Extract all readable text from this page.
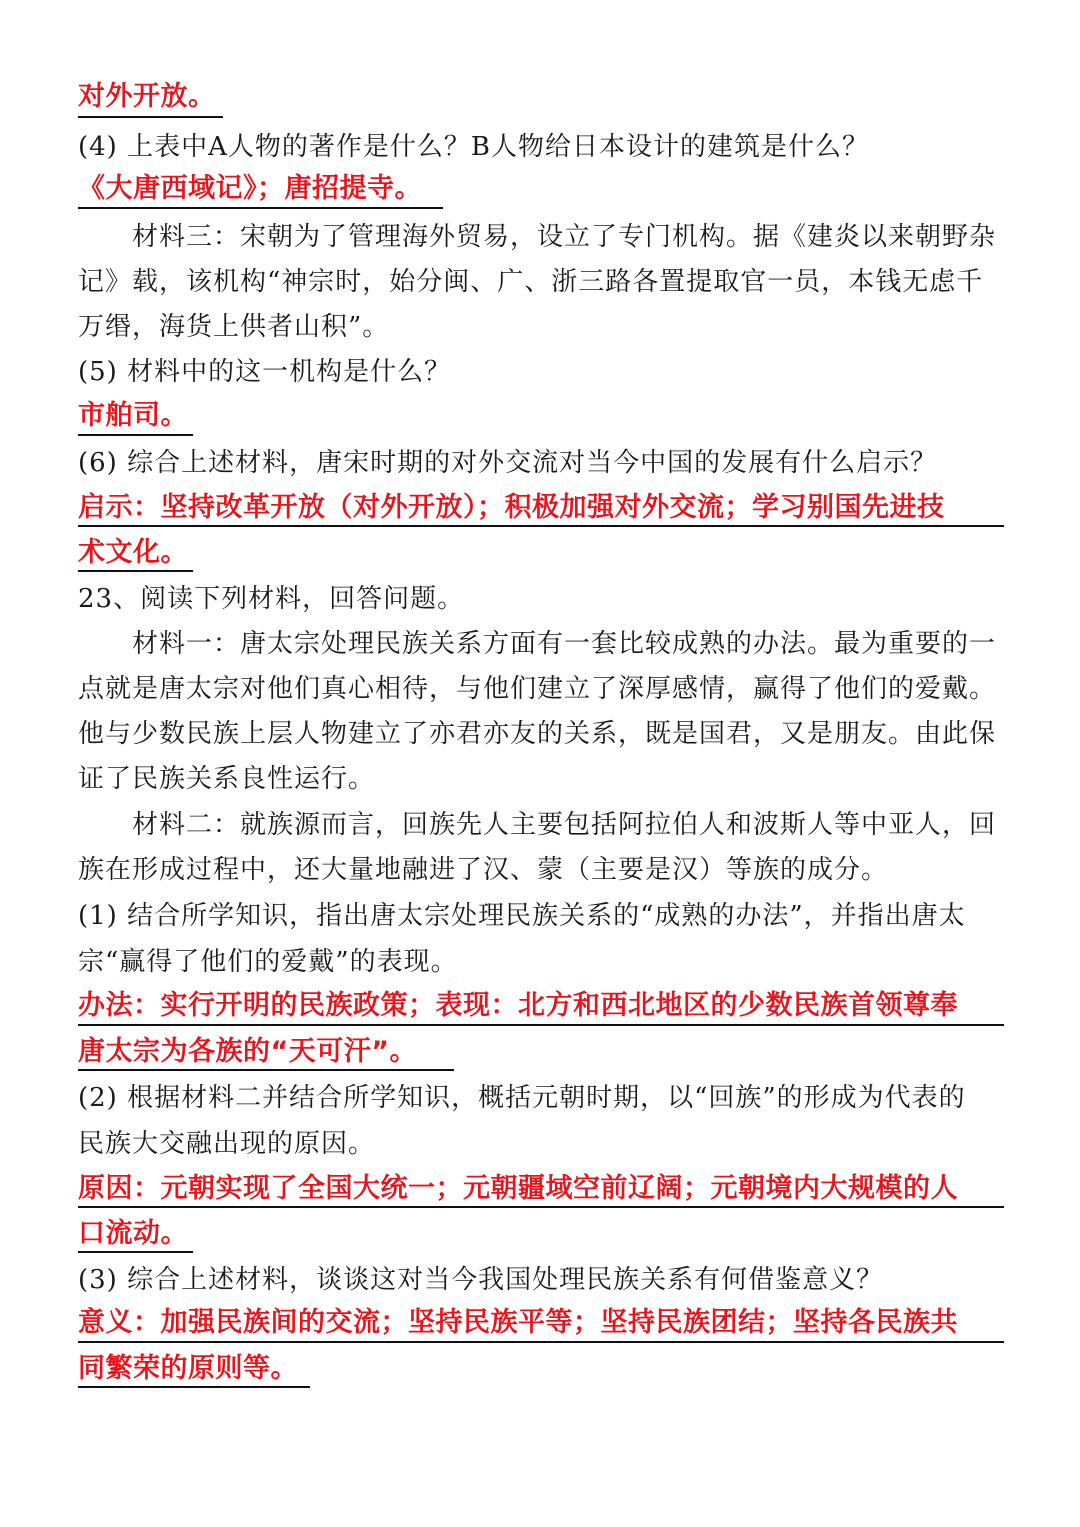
对外开放。
(4) 上表中A人物的著作是什么？B人物给日本设计的建筑是什么？
《大唐西域记》；唐招提寺。
材料三：宋朝为了管理海外贸易，设立了专门机构。据《建炎以来朝野杂
记》载，该机构“神宗时，始分闽、广、浙三路各置提取官一员，本钱无虑千
万缗，海货上供者山积”。
(5) 材料中的这一机构是什么？
市舶司。
(6) 综合上述材料，唐宋时期的对外交流对当今中国的发展有什么启示？
启示：坚持改革开放（对外开放）；积极加强对外交流；学习别国先进技
术文化。
23、阅读下列材料，回答问题。
材料一：唐太宗处理民族关系方面有一套比较成熟的办法。最为重要的一
点就是唐太宗对他们真心相待，与他们建立了深厚感情，赢得了他们的爱戴。
他与少数民族上层人物建立了亦君亦友的关系，既是国君，又是朋友。由此保
证了民族关系良性运行。
材料二：就族源而言，回族先人主要包括阿拉伯人和波斯人等中亚人，回
族在形成过程中，还大量地融进了汉、蒙（主要是汉）等族的成分。
(1) 结合所学知识，指出唐太宗处理民族关系的“成熟的办法”，并指出唐太
宗“赢得了他们的爱戴”的表现。
办法：实行开明的民族政策；表现：北方和西北地区的少数民族首领尊奉
唐太宗为各族的“天可汗”。
(2) 根据材料二并结合所学知识，概括元朝时期，以“回族”的形成为代表的
民族大交融出现的原因。
原因：元朝实现了全国大统一；元朝疆域空前辽阔；元朝境内大规模的人
口流动。
(3) 综合上述材料，谈谈这对当今我国处理民族关系有何借鉴意义？
意义：加强民族间的交流；坚持民族平等；坚持民族团结；坚持各民族共
同繁荣的原则等。
